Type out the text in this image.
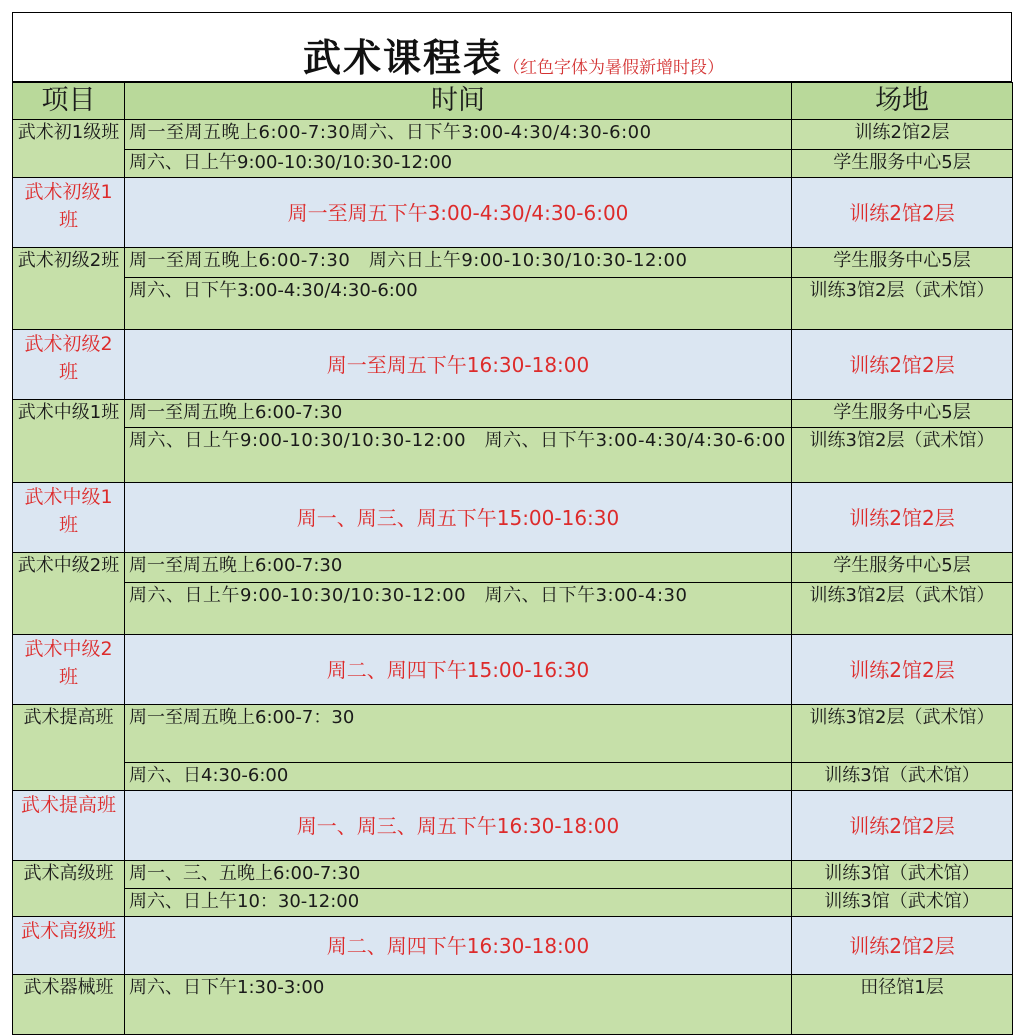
武术课程表 （红色字体为暑假新增时段）
项目	时间	场地
武术初1级班	周一至周五晚上6:00-7:30周六、日下午3:00-4:30/4:30-6:00	训练2馆2层
	周六、日上午9:00-10:30/10:30-12:00	学生服务中心5层
武术初级1班	周一至周五下午3:00-4:30/4:30-6:00	训练2馆2层
武术初级2班	周一至周五晚上6:00-7:30　周六日上午9:00-10:30/10:30-12:00	学生服务中心5层
	周六、日下午3:00-4:30/4:30-6:00	训练3馆2层（武术馆）
武术初级2班	周一至周五下午16:30-18:00	训练2馆2层
武术中级1班	周一至周五晚上6:00-7:30	学生服务中心5层
	周六、日上午9:00-10:30/10:30-12:00　周六、日下午3:00-4:30/4:30-6:00	训练3馆2层（武术馆）
武术中级1班	周一、周三、周五下午15:00-16:30	训练2馆2层
武术中级2班	周一至周五晚上6:00-7:30	学生服务中心5层
	周六、日上午9:00-10:30/10:30-12:00　周六、日下午3:00-4:30	训练3馆2层（武术馆）
武术中级2班	周二、周四下午15:00-16:30	训练2馆2层
武术提高班	周一至周五晚上6:00-7：30	训练3馆2层（武术馆）
	周六、日4:30-6:00	训练3馆（武术馆）
武术提高班	周一、周三、周五下午16:30-18:00	训练2馆2层
武术高级班	周一、三、五晚上6:00-7:30	训练3馆（武术馆）
	周六、日上午10：30-12:00	训练3馆（武术馆）
武术高级班	周二、周四下午16:30-18:00	训练2馆2层
武术器械班	周六、日下午1:30-3:00	田径馆1层
